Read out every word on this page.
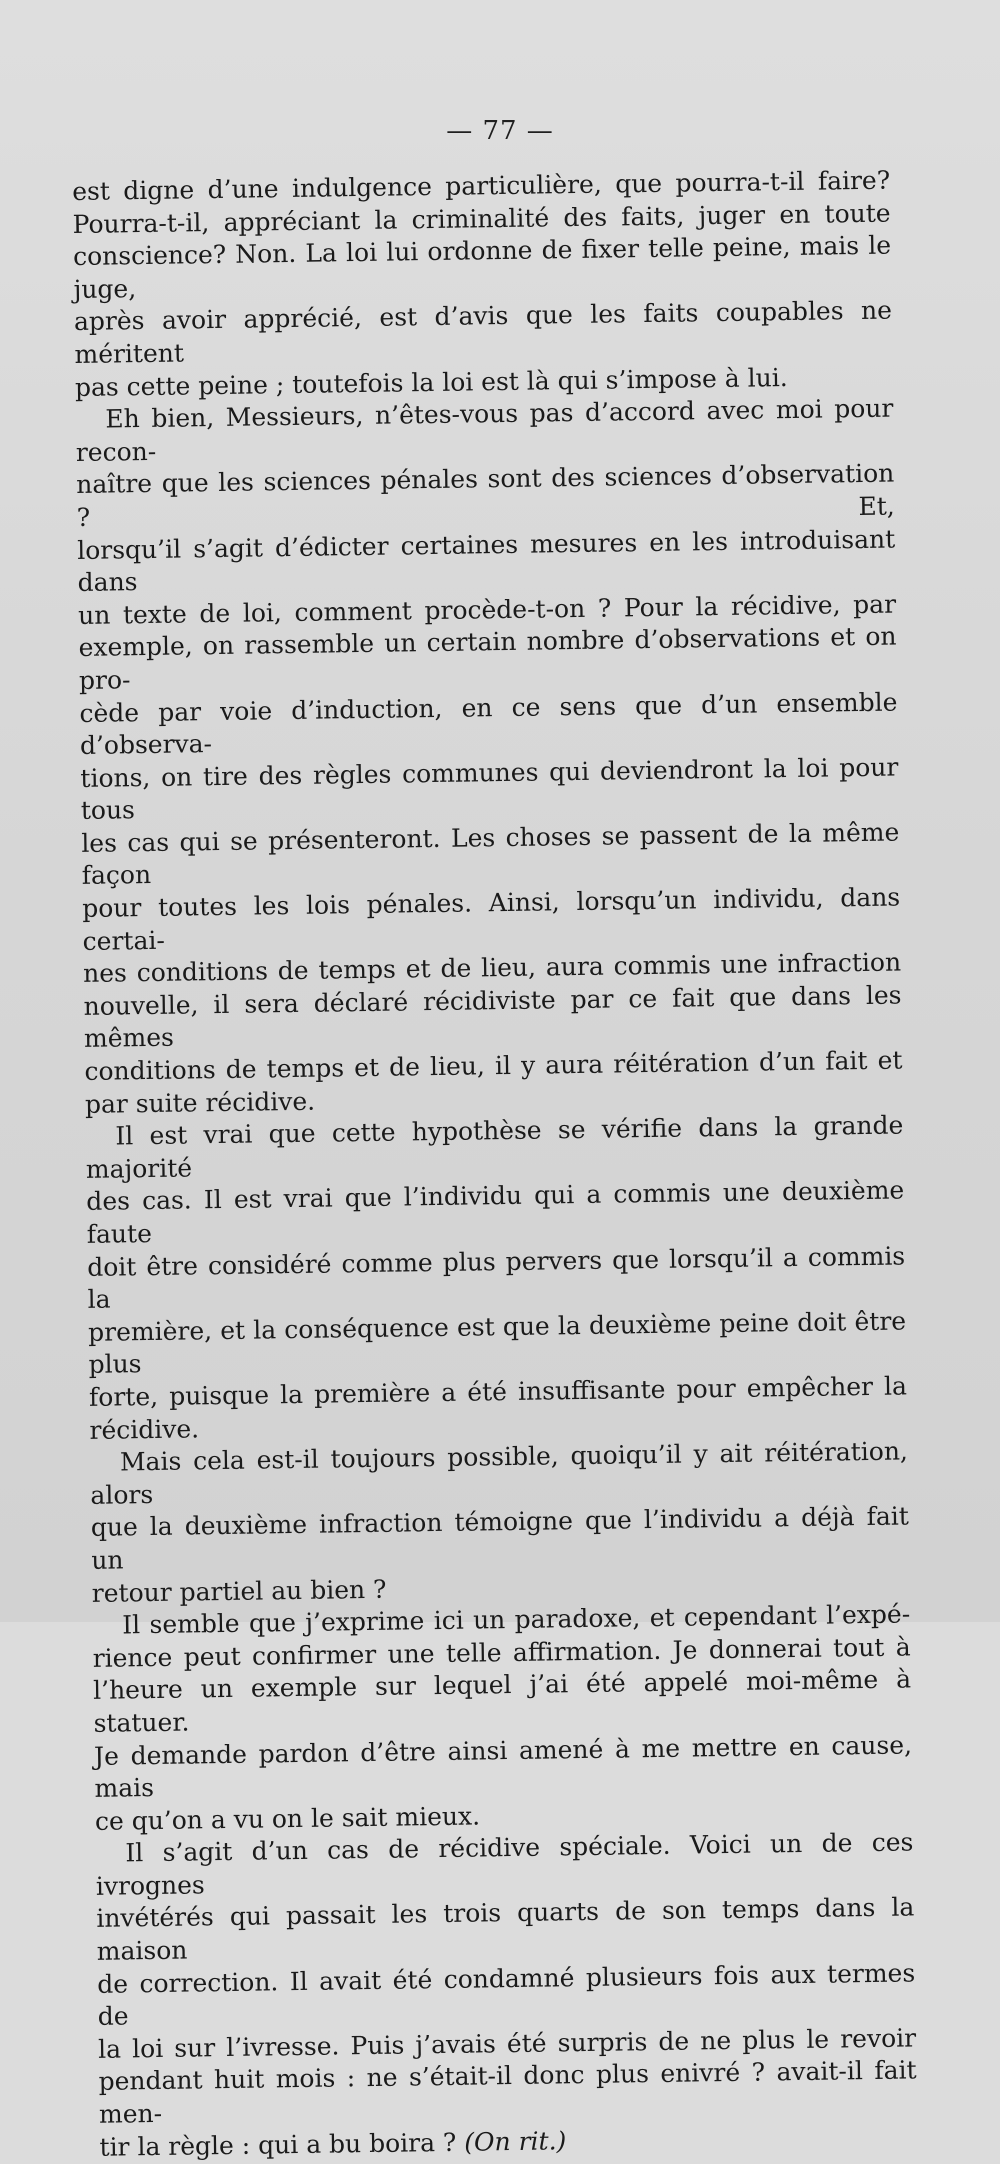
— 77 —

est digne d’une indulgence particulière, que pourra-t-il faire?
Pourra-t-il, appréciant la criminalité des faits, juger en toute
conscience? Non. La loi lui ordonne de fixer telle peine, mais le juge,
après avoir apprécié, est d’avis que les faits coupables ne méritent
pas cette peine ; toutefois la loi est là qui s’impose à lui.

Eh bien, Messieurs, n’êtes-vous pas d’accord avec moi pour recon-
naître que les sciences pénales sont des sciences d’observation ? Et,
lorsqu’il s’agit d’édicter certaines mesures en les introduisant dans
un texte de loi, comment procède-t-on ? Pour la récidive, par
exemple, on rassemble un certain nombre d’observations et on pro-
cède par voie d’induction, en ce sens que d’un ensemble d’observa-
tions, on tire des règles communes qui deviendront la loi pour tous
les cas qui se présenteront. Les choses se passent de la même façon
pour toutes les lois pénales. Ainsi, lorsqu’un individu, dans certai-
nes conditions de temps et de lieu, aura commis une infraction
nouvelle, il sera déclaré récidiviste par ce fait que dans les mêmes
conditions de temps et de lieu, il y aura réitération d’un fait et
par suite récidive.

Il est vrai que cette hypothèse se vérifie dans la grande majorité
des cas. Il est vrai que l’individu qui a commis une deuxième faute
doit être considéré comme plus pervers que lorsqu’il a commis la
première, et la conséquence est que la deuxième peine doit être plus
forte, puisque la première a été insuffisante pour empêcher la
récidive.

Mais cela est-il toujours possible, quoiqu’il y ait réitération, alors
que la deuxième infraction témoigne que l’individu a déjà fait un
retour partiel au bien ?

Il semble que j’exprime ici un paradoxe, et cependant l’expé-
rience peut confirmer une telle affirmation. Je donnerai tout à
l’heure un exemple sur lequel j’ai été appelé moi-même à statuer.
Je demande pardon d’être ainsi amené à me mettre en cause, mais
ce qu’on a vu on le sait mieux.

Il s’agit d’un cas de récidive spéciale. Voici un de ces ivrognes
invétérés qui passait les trois quarts de son temps dans la maison
de correction. Il avait été condamné plusieurs fois aux termes de
la loi sur l’ivresse. Puis j’avais été surpris de ne plus le revoir
pendant huit mois : ne s’était-il donc plus enivré ? avait-il fait men-
tir la règle : qui a bu boira ? (On rit.)
